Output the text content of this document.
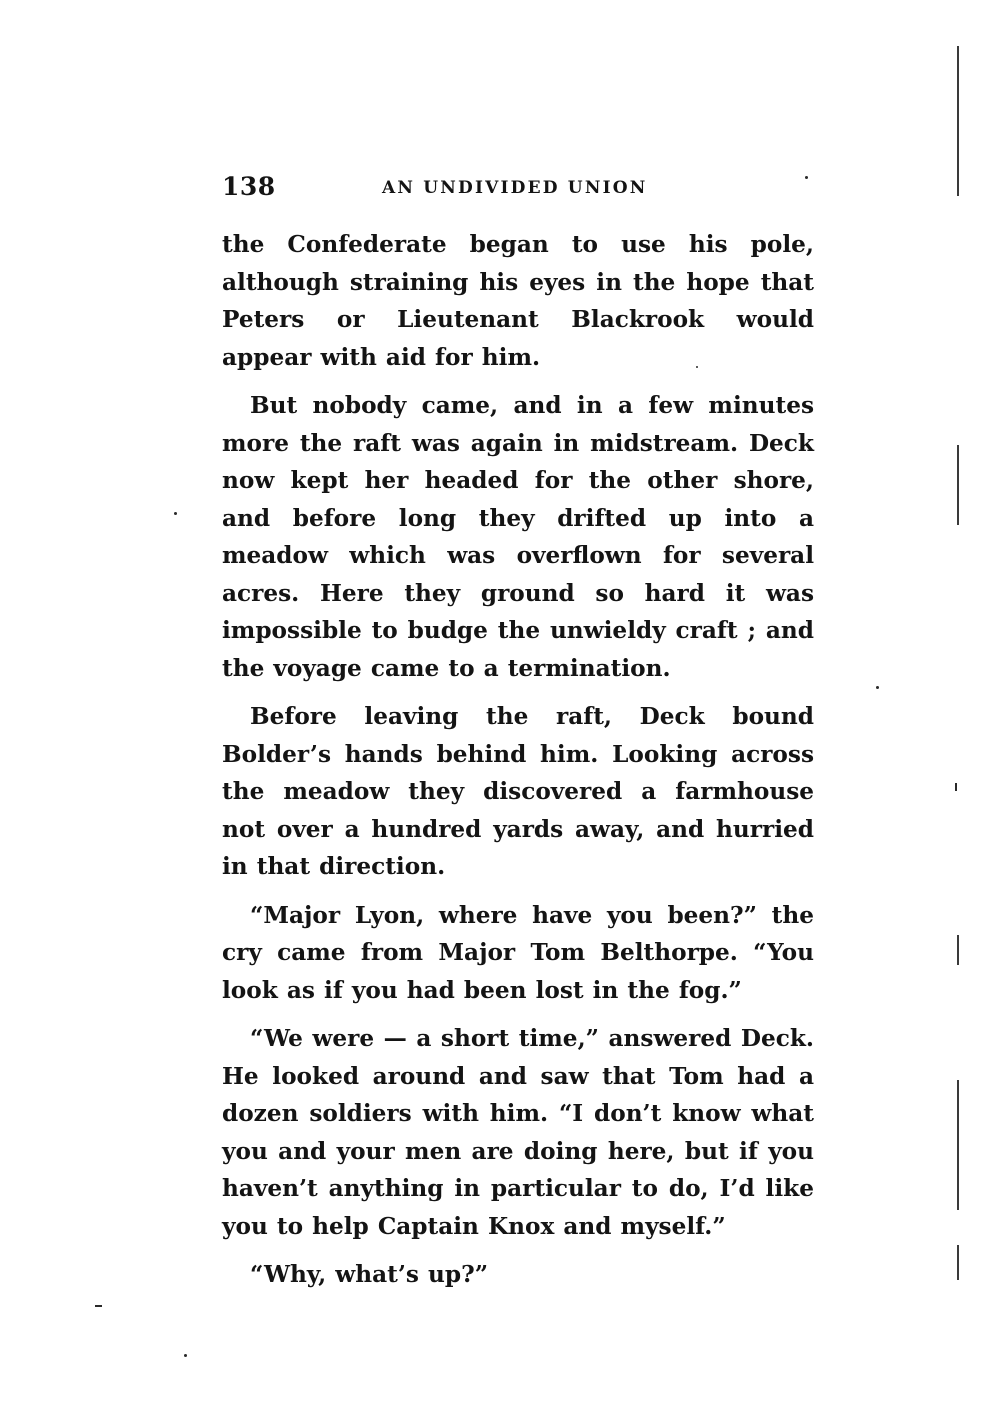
138	AN UNDIVIDED UNION

the Confederate began to use his pole, although straining his eyes in the hope that Peters or Lieutenant Blackrook would appear with aid for him.

But nobody came, and in a few minutes more the raft was again in midstream. Deck now kept her headed for the other shore, and before long they drifted up into a meadow which was overflown for several acres. Here they ground so hard it was impossible to budge the unwieldy craft ; and the voyage came to a termination.

Before leaving the raft, Deck bound Bolder’s hands behind him. Looking across the meadow they discovered a farmhouse not over a hundred yards away, and hurried in that direction.

“Major Lyon, where have you been?” the cry came from Major Tom Belthorpe. “You look as if you had been lost in the fog.”

“We were — a short time,” answered Deck. He looked around and saw that Tom had a dozen soldiers with him. “I don’t know what you and your men are doing here, but if you haven’t anything in particular to do, I’d like you to help Captain Knox and myself.”

“Why, what’s up?”
